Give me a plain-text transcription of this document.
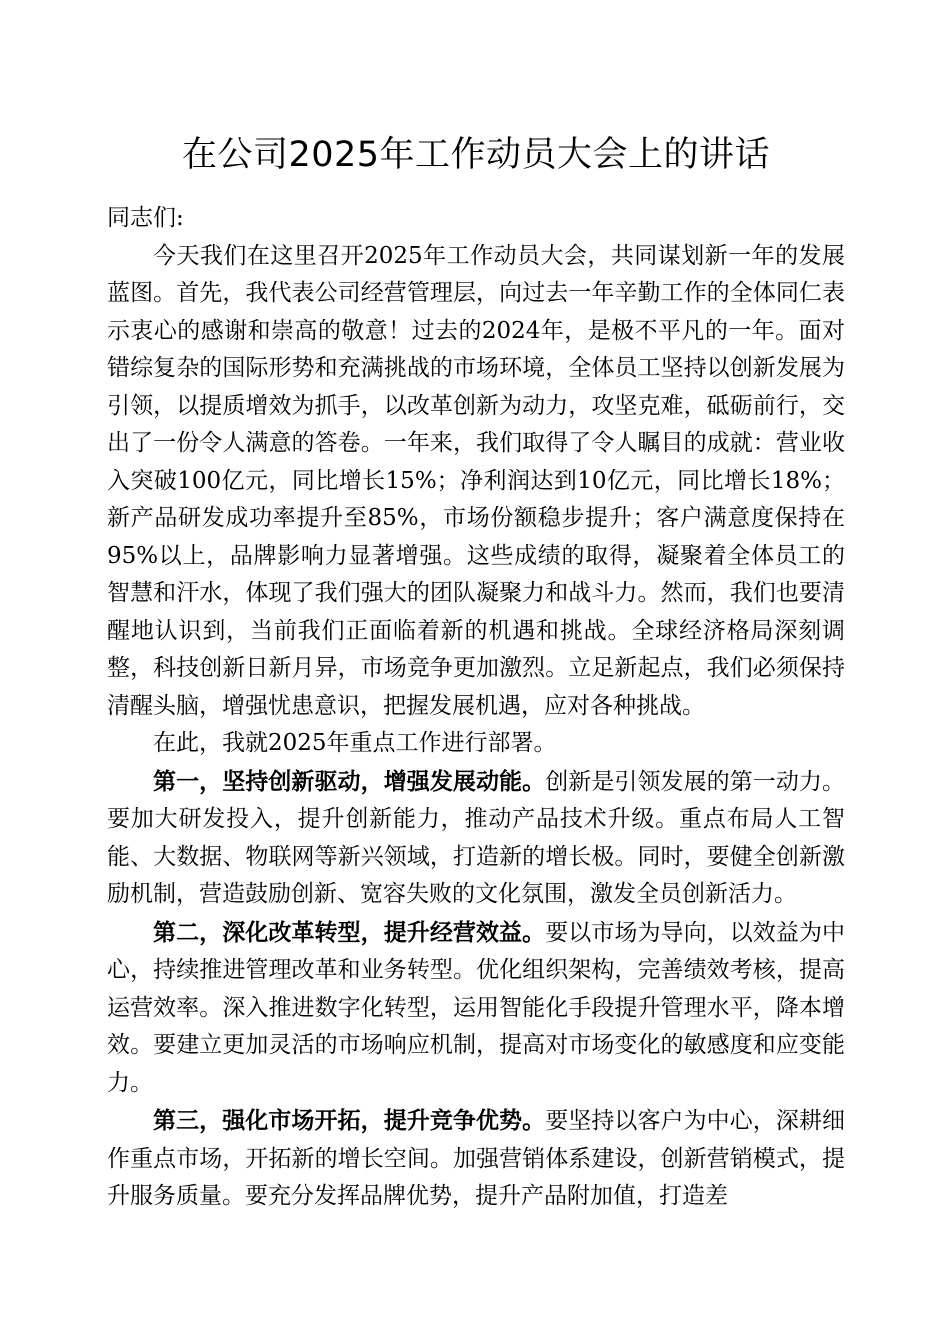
在公司2025年工作动员大会上的讲话

同志们:

今天我们在这里召开2025年工作动员大会，共同谋划新一年的发展蓝图。首先，我代表公司经营管理层，向过去一年辛勤工作的全体同仁表示衷心的感谢和崇高的敬意！过去的2024年，是极不平凡的一年。面对错综复杂的国际形势和充满挑战的市场环境，全体员工坚持以创新发展为引领，以提质增效为抓手，以改革创新为动力，攻坚克难，砥砺前行，交出了一份令人满意的答卷。一年来，我们取得了令人瞩目的成就：营业收入突破100亿元，同比增长15%；净利润达到10亿元，同比增长18%；新产品研发成功率提升至85%，市场份额稳步提升；客户满意度保持在95%以上，品牌影响力显著增强。这些成绩的取得，凝聚着全体员工的智慧和汗水，体现了我们强大的团队凝聚力和战斗力。然而，我们也要清醒地认识到，当前我们正面临着新的机遇和挑战。全球经济格局深刻调整，科技创新日新月异，市场竞争更加激烈。立足新起点，我们必须保持清醒头脑，增强忧患意识，把握发展机遇，应对各种挑战。

在此，我就2025年重点工作进行部署。

第一，坚持创新驱动，增强发展动能。创新是引领发展的第一动力。要加大研发投入，提升创新能力，推动产品技术升级。重点布局人工智能、大数据、物联网等新兴领域，打造新的增长极。同时，要健全创新激励机制，营造鼓励创新、宽容失败的文化氛围，激发全员创新活力。

第二，深化改革转型，提升经营效益。要以市场为导向，以效益为中心，持续推进管理改革和业务转型。优化组织架构，完善绩效考核，提高运营效率。深入推进数字化转型，运用智能化手段提升管理水平，降本增效。要建立更加灵活的市场响应机制，提高对市场变化的敏感度和应变能力。

第三，强化市场开拓，提升竞争优势。要坚持以客户为中心，深耕细作重点市场，开拓新的增长空间。加强营销体系建设，创新营销模式，提升服务质量。要充分发挥品牌优势，提升产品附加值，打造差
